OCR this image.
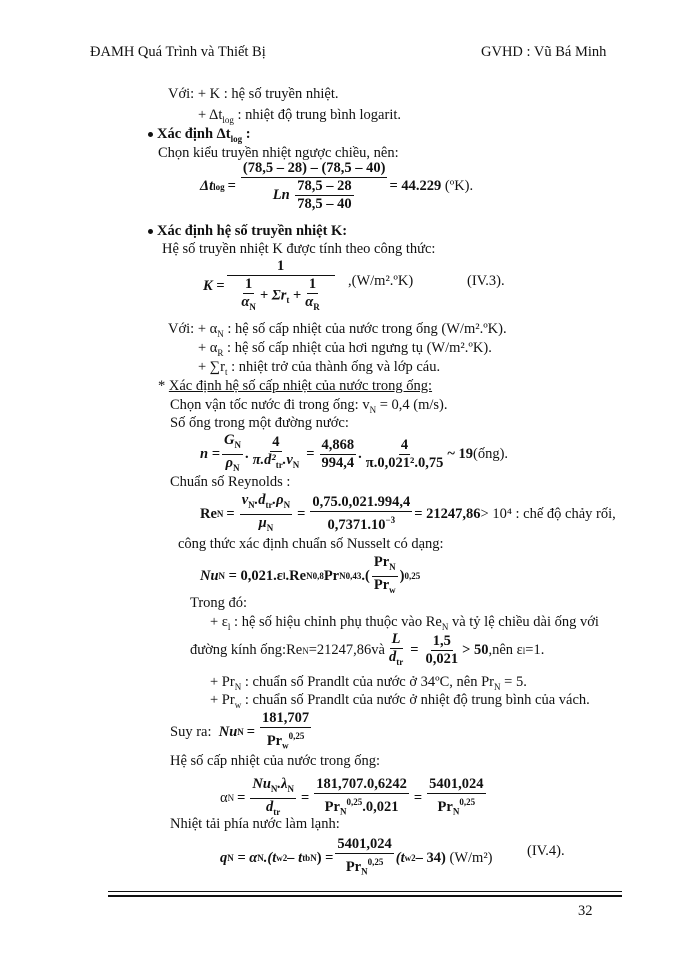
ĐAMH Quá Trình và Thiết Bị	GVHD : Vũ Bá Minh
Với: + K : hệ số truyền nhiệt.
+ $\Delta t_{log}$ : nhiệt độ trung bình logarit.
Xác định $\Delta t_{log}$ :
Chọn kiểu truyền nhiệt ngược chiều, nên:
Δt $\log = \frac{(78,5 - 28) - (78,5 - 40)}{Ln \frac{78,5 - 28}{78,5 - 40}} = 44.229$
(ºK).
Xác định hệ số truyền nhiệt K:
Hệ số truyền nhiệt K được tính theo công thức:
K =
1
$\frac{1}{\alpha_N} + \Sigma r_t + \frac{1}{\alpha_R}$ ,(W/m².ºK)	(IV.3).
Với: + $\alpha_N$ : hệ số cấp nhiệt của nước trong ống (W/m².ºK).
+ $\alpha_R$ : hệ số cấp nhiệt của hơi ngưng tụ (W/m².ºK).
+ $\sum r_t$ : nhiệt trở của thành ống và lớp cáu.
* Xác định hệ số cấp nhiệt của nước trong ống:
Chọn vận tốc nước đi trong ống: $v_N = 0,4$ (m/s).
Số ống trong một đường nước:
$n = \frac{G_N}{\rho_N}$ . $\frac{4}{\pi.d^2_{tr}.v_N} = \frac{4,868}{994,4}$ .
4
π.0,021².0,75
~ 19 (ống).
Chuẩn số Reynolds :
Re N =
$v_N.d_{tr}.\rho_N$
$\mu_N$
= $\frac{0,75.0,021.994,4}{0,7371.10^{-3}} = 21247,86 > 10^4$ : chế độ chảy rối,
công thức xác định chuẩn số Nusselt có dạng:
Nu N
= 0,021.ε l .Re N 0,8 Pr N 0,43 .(
$Pr_N$
$Pr_w$
) 0,25
Trong đó:
+ $\varepsilon_l$ : hệ số hiệu chỉnh phụ thuộc vào $Re_N$ và tỷ lệ chiều dài ống với
đường kính ống:Re N =21247,86và
L
$d_{tr}$
= $\frac{1,5}{0,021} > 50$ ,nên ε l =1.
+ $Pr_N$ : chuẩn số Prandlt của nước ở 34ºC, nên $Pr_N = 5$.
+ $Pr_w$ : chuẩn số Prandlt của nước ở nhiệt độ trung bình của vách.
Suy ra:
Nu N =
181,707
$Pr_w^{0,25}$
Hệ số cấp nhiệt của nước trong ống:
α N =
$Nu_N.\lambda_N$
$d_{tr}$
=
181,707.0,6242
$Pr_N^{0,25}.0,021$
=
5401,024
$Pr_N^{0,25}$
Nhiệt tải phía nước làm lạnh:
q N
= α N .(t w2 – t tbN ) =
5401,024
$Pr_N^{0,25}$ (t w2 – 34)
(W/m²) (IV.4).
32
